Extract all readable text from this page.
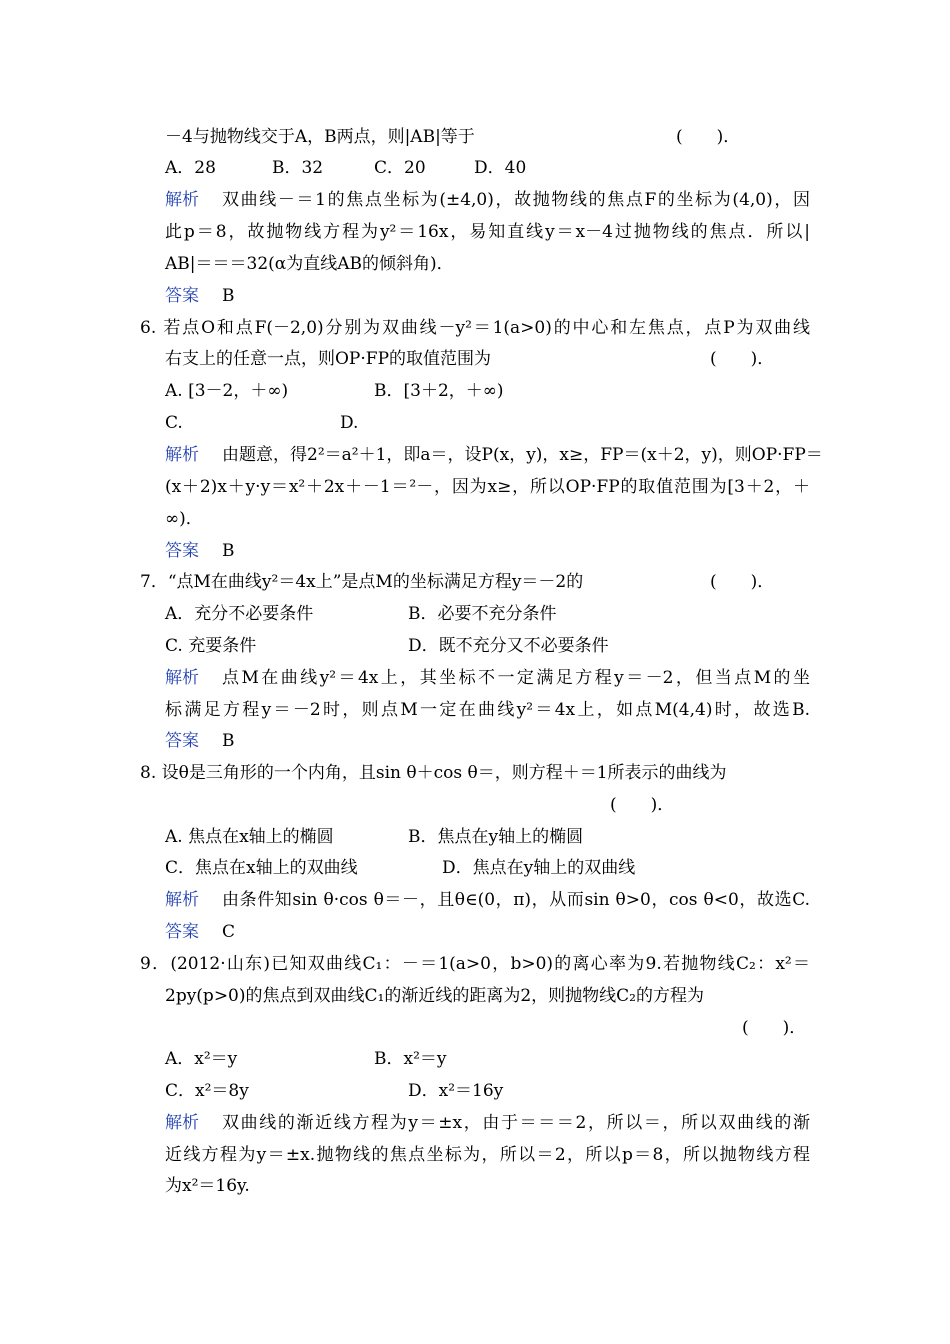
－4与抛物线交于A，B两点，则|AB|等于	(　　)．
A．28	B．32	C．20	D．40
解析 双曲线－＝1的焦点坐标为(±4,0)，故抛物线的焦点F的坐标为(4,0)，因
此p＝8，故抛物线方程为y²＝16x，易知直线y＝x－4过抛物线的焦点．所以|
AB|＝＝＝32(α为直线AB的倾斜角)．
答案 B
6. 若点O和点F(－2,0)分别为双曲线－y²＝1(a>0)的中心和左焦点，点P为双曲线
右支上的任意一点，则OP·FP的取值范围为	(　　)．
A. [3－2，＋∞)	B．[3＋2，＋∞)
C.	D.
解析 由题意，得2²＝a²＋1，即a＝，设P(x，y)，x≥，FP＝(x＋2，y)，则OP·FP＝
(x＋2)x＋y·y＝x²＋2x＋－1＝²－，因为x≥，所以OP·FP的取值范围为[3＋2，＋
∞)．
答案 B
7．“点M在曲线y²＝4x上”是点M的坐标满足方程y＝－2的	(　　)．
A．充分不必要条件	B．必要不充分条件
C. 充要条件	D．既不充分又不必要条件
解析 点M在曲线y²＝4x上，其坐标不一定满足方程y＝－2，但当点M的坐
标满足方程y＝－2时，则点M一定在曲线y²＝4x上，如点M(4,4)时，故选B.
答案 B
8. 设θ是三角形的一个内角，且sin θ＋cos θ＝，则方程＋＝1所表示的曲线为
(　　)．
A. 焦点在x轴上的椭圆	B．焦点在y轴上的椭圆
C．焦点在x轴上的双曲线	D．焦点在y轴上的双曲线
解析 由条件知sin θ·cos θ＝－，且θ∈(0，π)，从而sin θ>0，cos θ<0，故选C.
答案 C
9．(2012·山东)已知双曲线C₁：－＝1(a>0，b>0)的离心率为9.若抛物线C₂：x²＝
2py(p>0)的焦点到双曲线C₁的渐近线的距离为2，则抛物线C₂的方程为
(　　)．
A．x²＝y	B．x²＝y
C．x²＝8y	D．x²＝16y
解析 双曲线的渐近线方程为y＝±x，由于＝＝＝2，所以＝，所以双曲线的渐
近线方程为y＝±x.抛物线的焦点坐标为，所以＝2，所以p＝8，所以抛物线方程
为x²＝16y.
